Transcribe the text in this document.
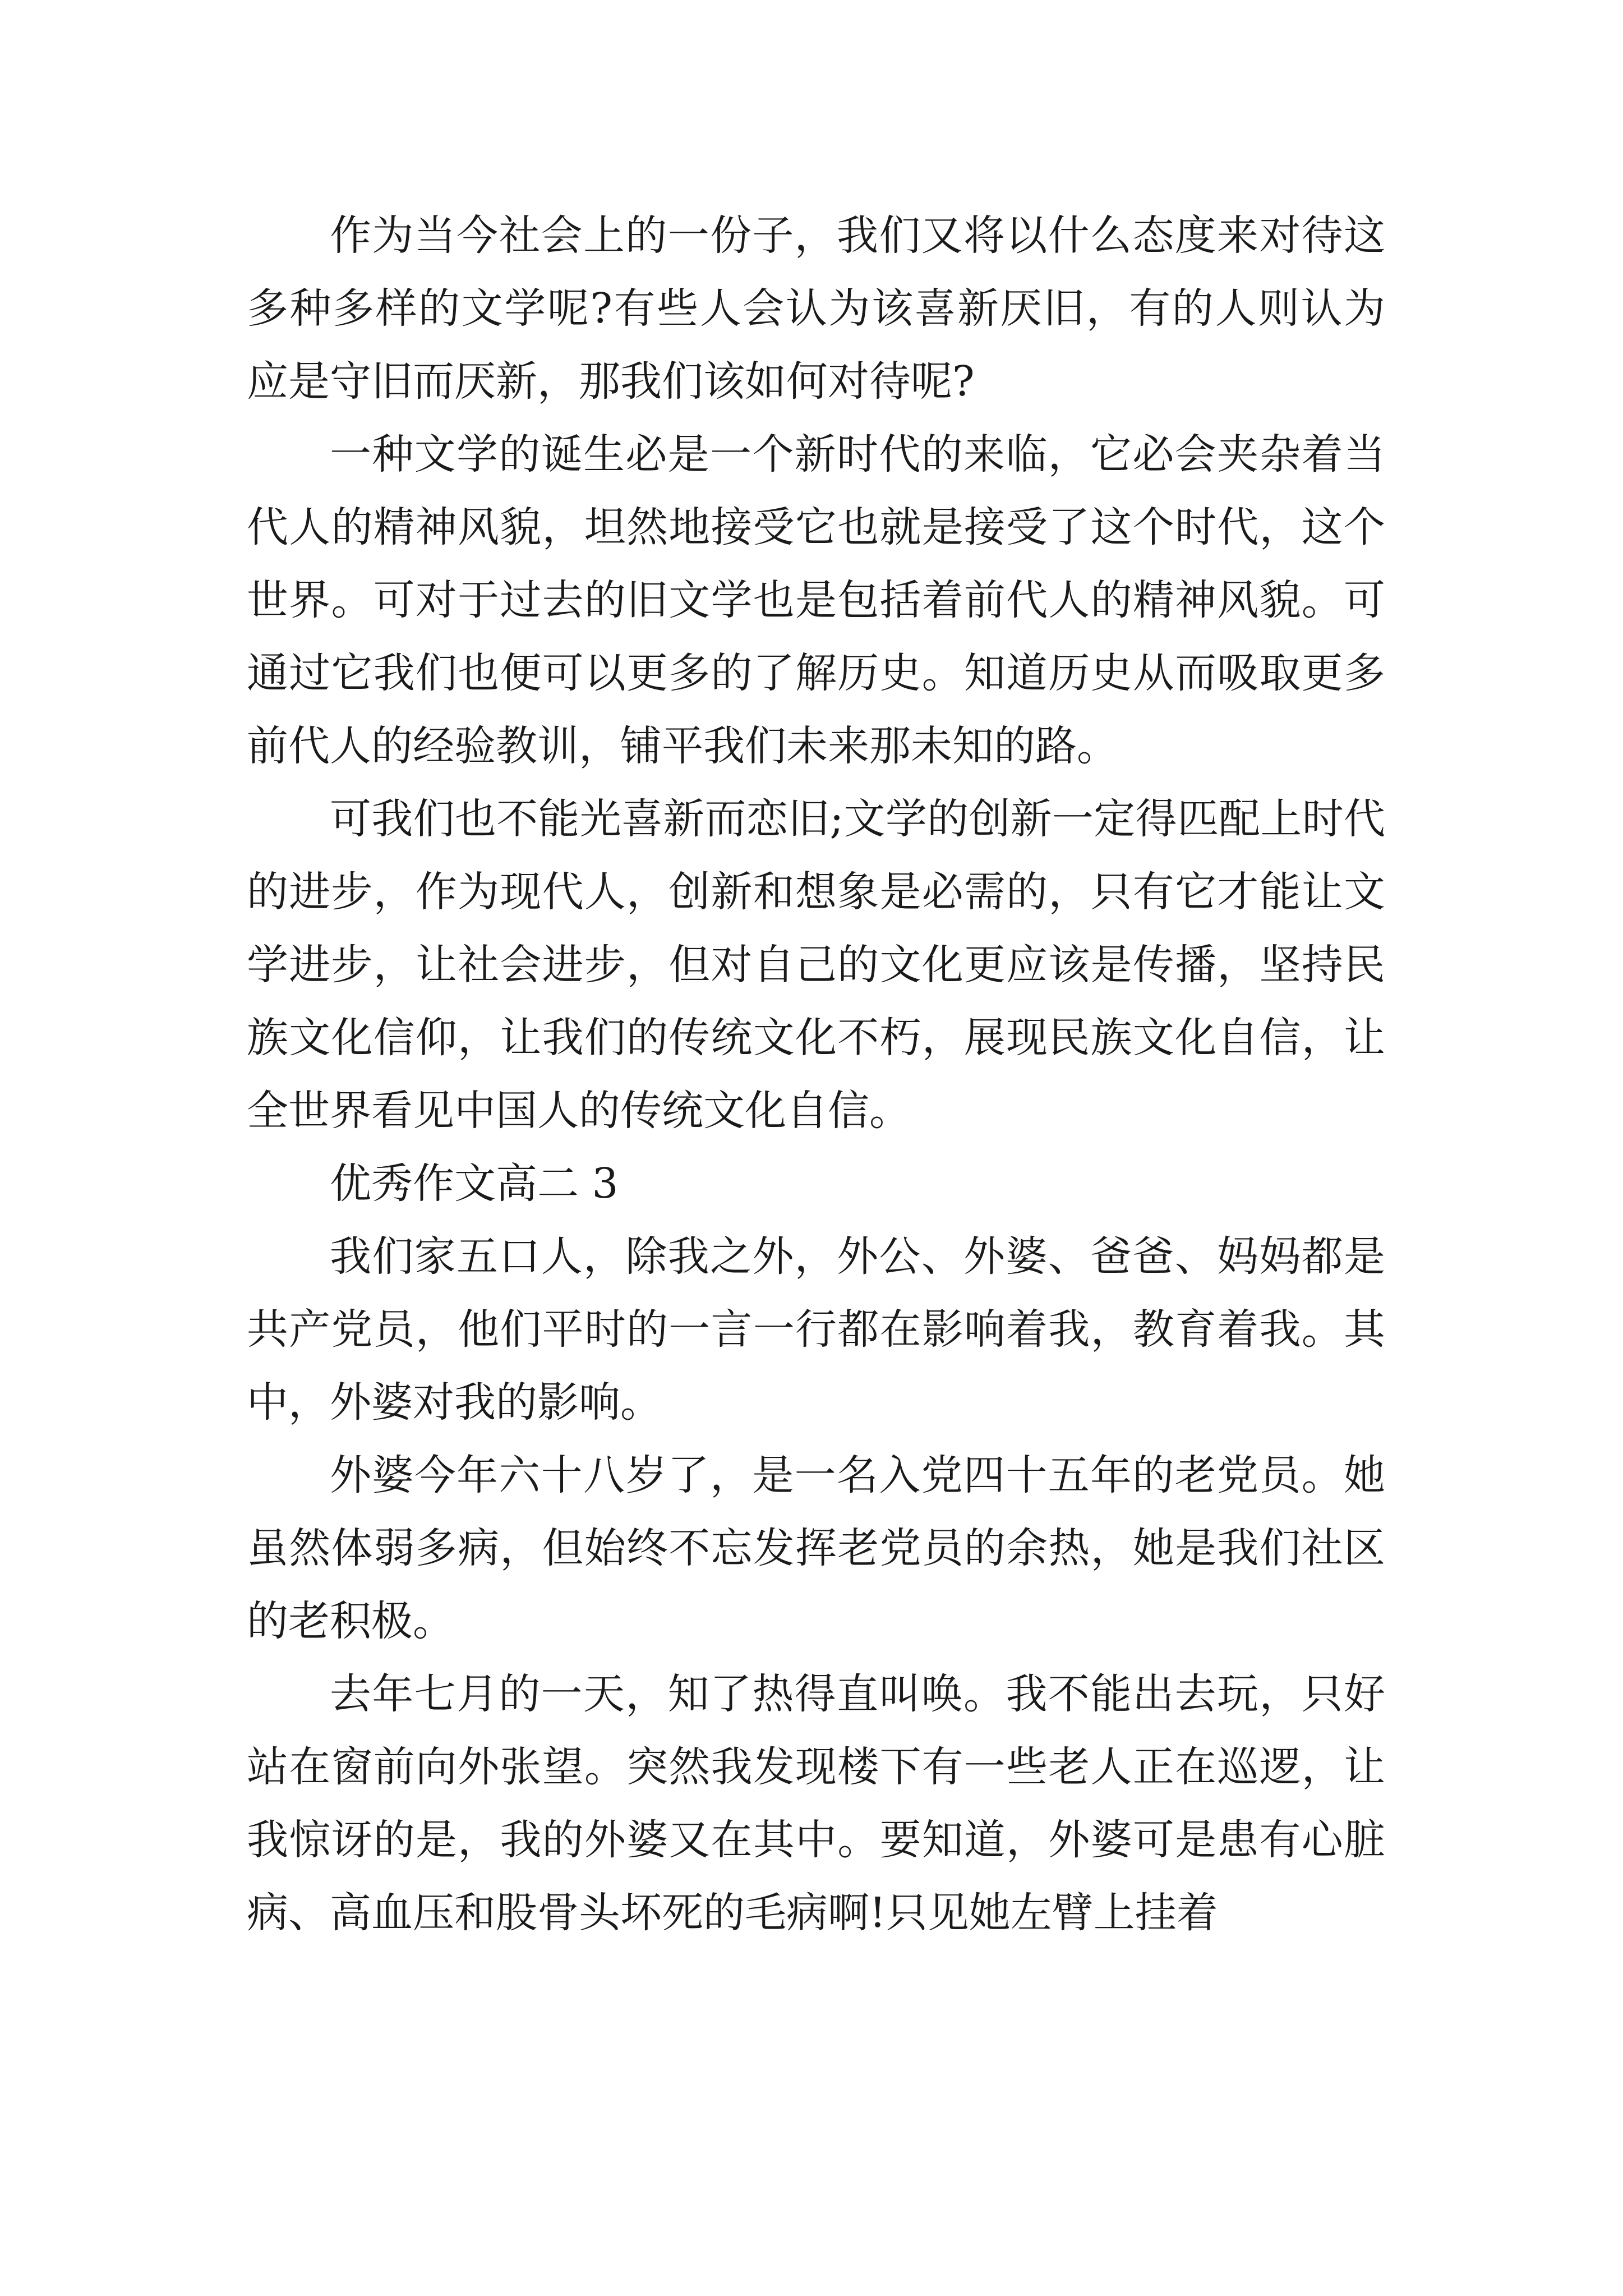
作为当今社会上的一份子，我们又将以什么态度来对待这多种多样的文学呢?有些人会认为该喜新厌旧，有的人则认为应是守旧而厌新，那我们该如何对待呢?

一种文学的诞生必是一个新时代的来临，它必会夹杂着当代人的精神风貌，坦然地接受它也就是接受了这个时代，这个世界。可对于过去的旧文学也是包括着前代人的精神风貌。可通过它我们也便可以更多的了解历史。知道历史从而吸取更多前代人的经验教训，铺平我们未来那未知的路。

可我们也不能光喜新而恋旧;文学的创新一定得匹配上时代的进步，作为现代人，创新和想象是必需的，只有它才能让文学进步，让社会进步，但对自己的文化更应该是传播，坚持民族文化信仰，让我们的传统文化不朽，展现民族文化自信，让全世界看见中国人的传统文化自信。

优秀作文高二 3

我们家五口人，除我之外，外公、外婆、爸爸、妈妈都是共产党员，他们平时的一言一行都在影响着我，教育着我。其中，外婆对我的影响。

外婆今年六十八岁了，是一名入党四十五年的老党员。她虽然体弱多病，但始终不忘发挥老党员的余热，她是我们社区的老积极。

去年七月的一天，知了热得直叫唤。我不能出去玩，只好站在窗前向外张望。突然我发现楼下有一些老人正在巡逻，让我惊讶的是，我的外婆又在其中。要知道，外婆可是患有心脏病、高血压和股骨头坏死的毛病啊!只见她左臂上挂着
